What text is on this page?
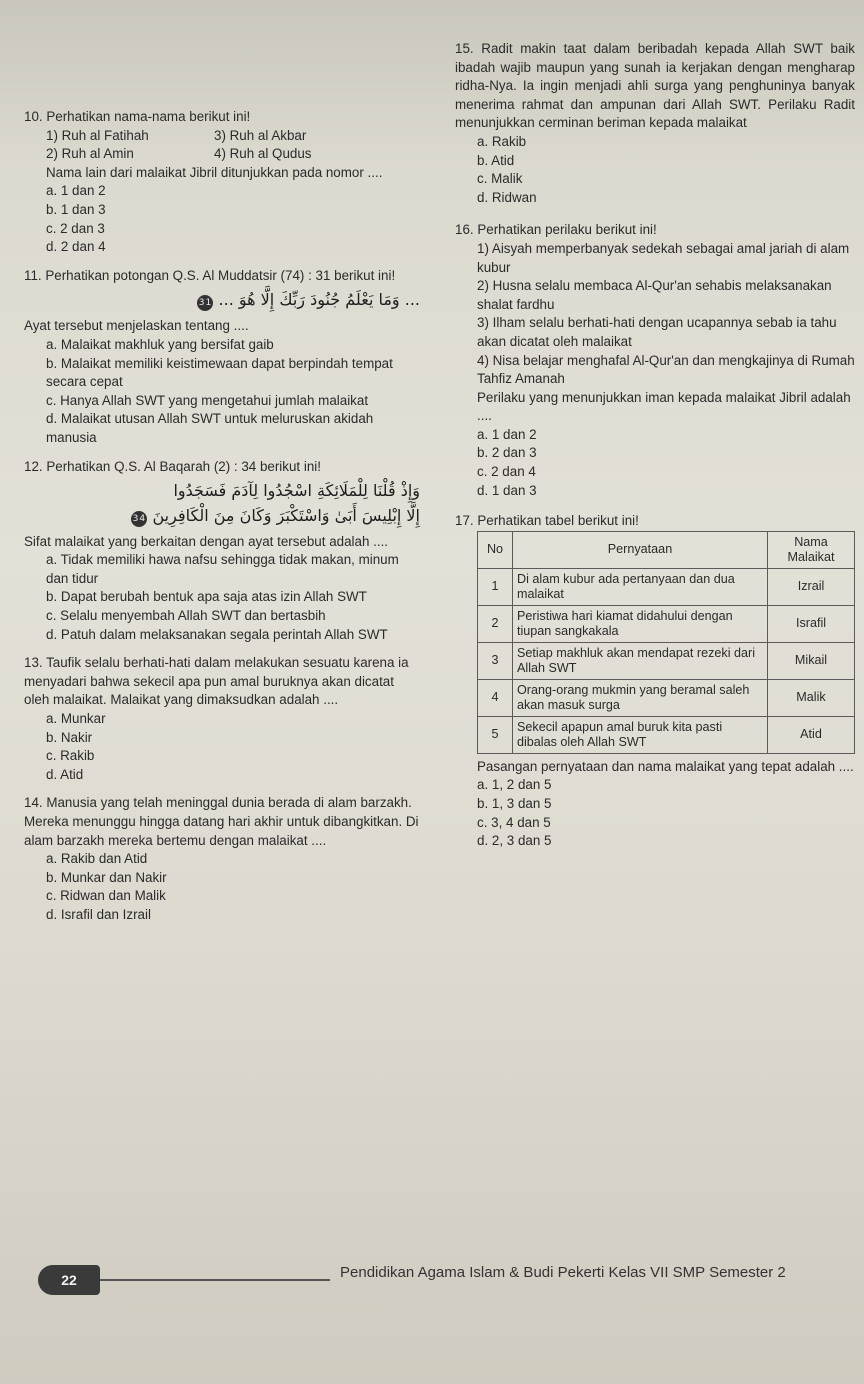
15. Radit makin taat dalam beribadah kepada Allah SWT baik ibadah wajib maupun yang sunah ia kerjakan dengan mengharap ridha-Nya. Ia ingin menjadi ahli surga yang penghuninya banyak menerima rahmat dan ampunan dari Allah SWT. Perilaku Radit menunjukkan cerminan beriman kepada malaikat
a. Rakib
b. Atid
c. Malik
d. Ridwan
16. Perhatikan perilaku berikut ini!
1) Aisyah memperbanyak sedekah sebagai amal jariah di alam kubur
2) Husna selalu membaca Al-Qur'an sehabis melaksanakan shalat fardhu
3) Ilham selalu berhati-hati dengan ucapannya sebab ia tahu akan dicatat oleh malaikat
4) Nisa belajar menghafal Al-Qur'an dan mengkajinya di Rumah Tahfiz Amanah
Perilaku yang menunjukkan iman kepada malaikat Jibril adalah ....
a. 1 dan 2
b. 2 dan 3
c. 2 dan 4
d. 1 dan 3
17. Perhatikan tabel berikut ini!
No	Pernyataan	Nama Malaikat
1	Di alam kubur ada pertanyaan dan dua malaikat	Izrail
2	Peristiwa hari kiamat didahului dengan tiupan sangkakala	Israfil
3	Setiap makhluk akan mendapat rezeki dari Allah SWT	Mikail
4	Orang-orang mukmin yang beramal saleh akan masuk surga	Malik
5	Sekecil apapun amal buruk kita pasti dibalas oleh Allah SWT	Atid
Pasangan pernyataan dan nama malaikat yang tepat adalah ....
a. 1, 2 dan 5
b. 1, 3 dan 5
c. 3, 4 dan 5
d. 2, 3 dan 5
10. Perhatikan nama-nama berikut ini!
1) Ruh al Fatihah	3) Ruh al Akbar
2) Ruh al Amin	4) Ruh al Qudus
Nama lain dari malaikat Jibril ditunjukkan pada nomor ....
a. 1 dan 2
b. 1 dan 3
c. 2 dan 3
d. 2 dan 4
11. Perhatikan potongan Q.S. Al Muddatsir (74) : 31 berikut ini!
... وَمَا يَعْلَمُ جُنُودَ رَبِّكَ إِلَّا هُوَ ... 31
Ayat tersebut menjelaskan tentang ....
a. Malaikat makhluk yang bersifat gaib
b. Malaikat memiliki keistimewaan dapat berpindah tempat secara cepat
c. Hanya Allah SWT yang mengetahui jumlah malaikat
d. Malaikat utusan Allah SWT untuk meluruskan akidah manusia
12. Perhatikan Q.S. Al Baqarah (2) : 34 berikut ini!
وَإِذْ قُلْنَا لِلْمَلَائِكَةِ اسْجُدُوا لِآدَمَ فَسَجَدُوا
إِلَّا إِبْلِيسَ أَبَىٰ وَاسْتَكْبَرَ وَكَانَ مِنَ الْكَافِرِينَ 34
Sifat malaikat yang berkaitan dengan ayat tersebut adalah ....
a. Tidak memiliki hawa nafsu sehingga tidak makan, minum dan tidur
b. Dapat berubah bentuk apa saja atas izin Allah SWT
c. Selalu menyembah Allah SWT dan bertasbih
d. Patuh dalam melaksanakan segala perintah Allah SWT
13. Taufik selalu berhati-hati dalam melakukan sesuatu karena ia menyadari bahwa sekecil apa pun amal buruknya akan dicatat oleh malaikat. Malaikat yang dimaksudkan adalah ....
a. Munkar
b. Nakir
c. Rakib
d. Atid
14. Manusia yang telah meninggal dunia berada di alam barzakh. Mereka menunggu hingga datang hari akhir untuk dibangkitkan. Di alam barzakh mereka bertemu dengan malaikat ....
a. Rakib dan Atid
b. Munkar dan Nakir
c. Ridwan dan Malik
d. Israfil dan Izrail
22	Pendidikan Agama Islam & Budi Pekerti Kelas VII SMP Semester 2
